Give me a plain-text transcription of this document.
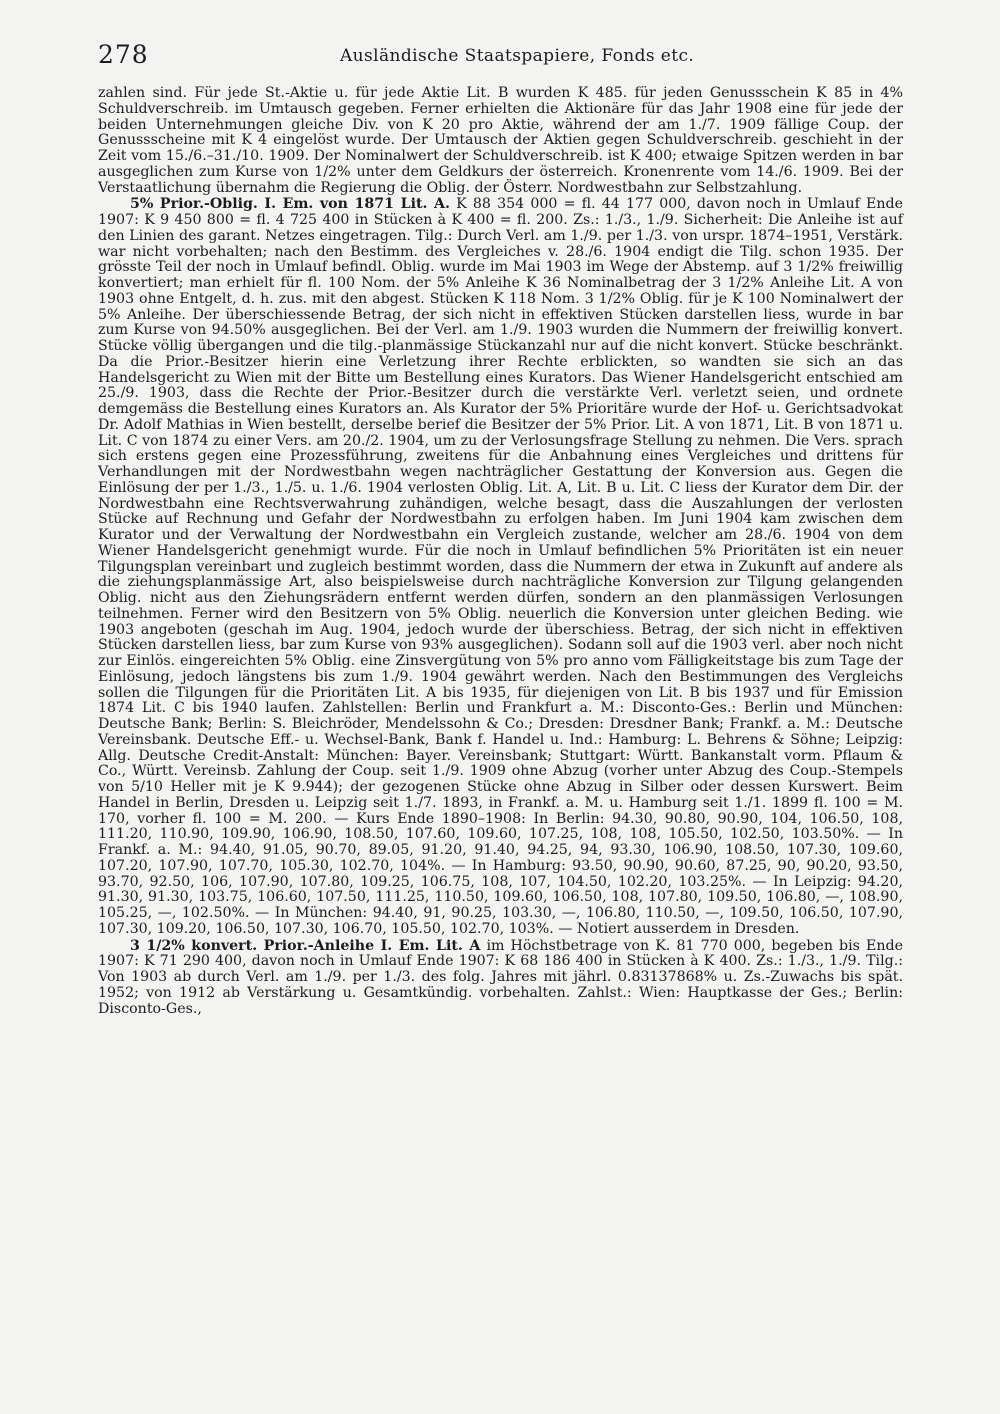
278	Ausländische Staatspapiere, Fonds etc.

zahlen sind. Für jede St.-Aktie u. für jede Aktie Lit. B wurden K 485. für jeden Genussschein K 85 in 4% Schuldverschreib. im Umtausch gegeben. Ferner erhielten die Aktionäre für das Jahr 1908 eine für jede der beiden Unternehmungen gleiche Div. von K 20 pro Aktie, während der am 1./7. 1909 fällige Coup. der Genussscheine mit K 4 eingelöst wurde. Der Umtausch der Aktien gegen Schuldverschreib. geschieht in der Zeit vom 15./6.–31./10. 1909. Der Nominalwert der Schuldverschreib. ist K 400; etwaige Spitzen werden in bar ausgeglichen zum Kurse von 1/2% unter dem Geldkurs der österreich. Kronenrente vom 14./6. 1909. Bei der Verstaatlichung übernahm die Regierung die Oblig. der Österr. Nordwestbahn zur Selbstzahlung.

5% Prior.-Oblig. I. Em. von 1871 Lit. A. K 88 354 000 = fl. 44 177 000, davon noch in Umlauf Ende 1907: K 9 450 800 = fl. 4 725 400 in Stücken à K 400 = fl. 200. Zs.: 1./3., 1./9. Sicherheit: Die Anleihe ist auf den Linien des garant. Netzes eingetragen. Tilg.: Durch Verl. am 1./9. per 1./3. von urspr. 1874–1951, Verstärk. war nicht vorbehalten; nach den Bestimm. des Vergleiches v. 28./6. 1904 endigt die Tilg. schon 1935. Der grösste Teil der noch in Umlauf befindl. Oblig. wurde im Mai 1903 im Wege der Abstemp. auf 3 1/2% freiwillig konvertiert; man erhielt für fl. 100 Nom. der 5% Anleihe K 36 Nominalbetrag der 3 1/2% Anleihe Lit. A von 1903 ohne Entgelt, d. h. zus. mit den abgest. Stücken K 118 Nom. 3 1/2% Oblig. für je K 100 Nominalwert der 5% Anleihe. Der überschiessende Betrag, der sich nicht in effektiven Stücken darstellen liess, wurde in bar zum Kurse von 94.50% ausgeglichen. Bei der Verl. am 1./9. 1903 wurden die Nummern der freiwillig konvert. Stücke völlig übergangen und die tilg.-planmässige Stückanzahl nur auf die nicht konvert. Stücke beschränkt. Da die Prior.-Besitzer hierin eine Verletzung ihrer Rechte erblickten, so wandten sie sich an das Handelsgericht zu Wien mit der Bitte um Bestellung eines Kurators. Das Wiener Handelsgericht entschied am 25./9. 1903, dass die Rechte der Prior.-Besitzer durch die verstärkte Verl. verletzt seien, und ordnete demgemäss die Bestellung eines Kurators an. Als Kurator der 5% Prioritäre wurde der Hof- u. Gerichtsadvokat Dr. Adolf Mathias in Wien bestellt, derselbe berief die Besitzer der 5% Prior. Lit. A von 1871, Lit. B von 1871 u. Lit. C von 1874 zu einer Vers. am 20./2. 1904, um zu der Verlosungsfrage Stellung zu nehmen. Die Vers. sprach sich erstens gegen eine Prozessführung, zweitens für die Anbahnung eines Vergleiches und drittens für Verhandlungen mit der Nordwestbahn wegen nachträglicher Gestattung der Konversion aus. Gegen die Einlösung der per 1./3., 1./5. u. 1./6. 1904 verlosten Oblig. Lit. A, Lit. B u. Lit. C liess der Kurator dem Dir. der Nordwestbahn eine Rechtsverwahrung zuhändigen, welche besagt, dass die Auszahlungen der verlosten Stücke auf Rechnung und Gefahr der Nordwestbahn zu erfolgen haben. Im Juni 1904 kam zwischen dem Kurator und der Verwaltung der Nordwestbahn ein Vergleich zustande, welcher am 28./6. 1904 von dem Wiener Handelsgericht genehmigt wurde. Für die noch in Umlauf befindlichen 5% Prioritäten ist ein neuer Tilgungsplan vereinbart und zugleich bestimmt worden, dass die Nummern der etwa in Zukunft auf andere als die ziehungsplanmässige Art, also beispielsweise durch nachträgliche Konversion zur Tilgung gelangenden Oblig. nicht aus den Ziehungsrädern entfernt werden dürfen, sondern an den planmässigen Verlosungen teilnehmen. Ferner wird den Besitzern von 5% Oblig. neuerlich die Konversion unter gleichen Beding. wie 1903 angeboten (geschah im Aug. 1904, jedoch wurde der überschiess. Betrag, der sich nicht in effektiven Stücken darstellen liess, bar zum Kurse von 93% ausgeglichen). Sodann soll auf die 1903 verl. aber noch nicht zur Einlös. eingereichten 5% Oblig. eine Zinsvergütung von 5% pro anno vom Fälligkeitstage bis zum Tage der Einlösung, jedoch längstens bis zum 1./9. 1904 gewährt werden. Nach den Bestimmungen des Vergleichs sollen die Tilgungen für die Prioritäten Lit. A bis 1935, für diejenigen von Lit. B bis 1937 und für Emission 1874 Lit. C bis 1940 laufen. Zahlstellen: Berlin und Frankfurt a. M.: Disconto-Ges.: Berlin und München: Deutsche Bank; Berlin: S. Bleichröder, Mendelssohn & Co.; Dresden: Dresdner Bank; Frankf. a. M.: Deutsche Vereinsbank. Deutsche Eff.- u. Wechsel-Bank, Bank f. Handel u. Ind.: Hamburg: L. Behrens & Söhne; Leipzig: Allg. Deutsche Credit-Anstalt: München: Bayer. Vereinsbank; Stuttgart: Württ. Bankanstalt vorm. Pflaum & Co., Württ. Vereinsb. Zahlung der Coup. seit 1./9. 1909 ohne Abzug (vorher unter Abzug des Coup.-Stempels von 5/10 Heller mit je K 9.944); der gezogenen Stücke ohne Abzug in Silber oder dessen Kurswert. Beim Handel in Berlin, Dresden u. Leipzig seit 1./7. 1893, in Frankf. a. M. u. Hamburg seit 1./1. 1899 fl. 100 = M. 170, vorher fl. 100 = M. 200. — Kurs Ende 1890–1908: In Berlin: 94.30, 90.80, 90.90, 104, 106.50, 108, 111.20, 110.90, 109.90, 106.90, 108.50, 107.60, 109.60, 107.25, 108, 108, 105.50, 102.50, 103.50%. — In Frankf. a. M.: 94.40, 91.05, 90.70, 89.05, 91.20, 91.40, 94.25, 94, 93.30, 106.90, 108.50, 107.30, 109.60, 107.20, 107.90, 107.70, 105.30, 102.70, 104%. — In Hamburg: 93.50, 90.90, 90.60, 87.25, 90, 90.20, 93.50, 93.70, 92.50, 106, 107.90, 107.80, 109.25, 106.75, 108, 107, 104.50, 102.20, 103.25%. — In Leipzig: 94.20, 91.30, 91.30, 103.75, 106.60, 107.50, 111.25, 110.50, 109.60, 106.50, 108, 107.80, 109.50, 106.80, —, 108.90, 105.25, —, 102.50%. — In München: 94.40, 91, 90.25, 103.30, —, 106.80, 110.50, —, 109.50, 106.50, 107.90, 107.30, 109.20, 106.50, 107.30, 106.70, 105.50, 102.70, 103%. — Notiert ausserdem in Dresden.

3 1/2% konvert. Prior.-Anleihe I. Em. Lit. A im Höchstbetrage von K. 81 770 000, begeben bis Ende 1907: K 71 290 400, davon noch in Umlauf Ende 1907: K 68 186 400 in Stücken à K 400. Zs.: 1./3., 1./9. Tilg.: Von 1903 ab durch Verl. am 1./9. per 1./3. des folg. Jahres mit jährl. 0.83137868% u. Zs.-Zuwachs bis spät. 1952; von 1912 ab Verstärkung u. Gesamtkündig. vorbehalten. Zahlst.: Wien: Hauptkasse der Ges.; Berlin: Disconto-Ges.,
